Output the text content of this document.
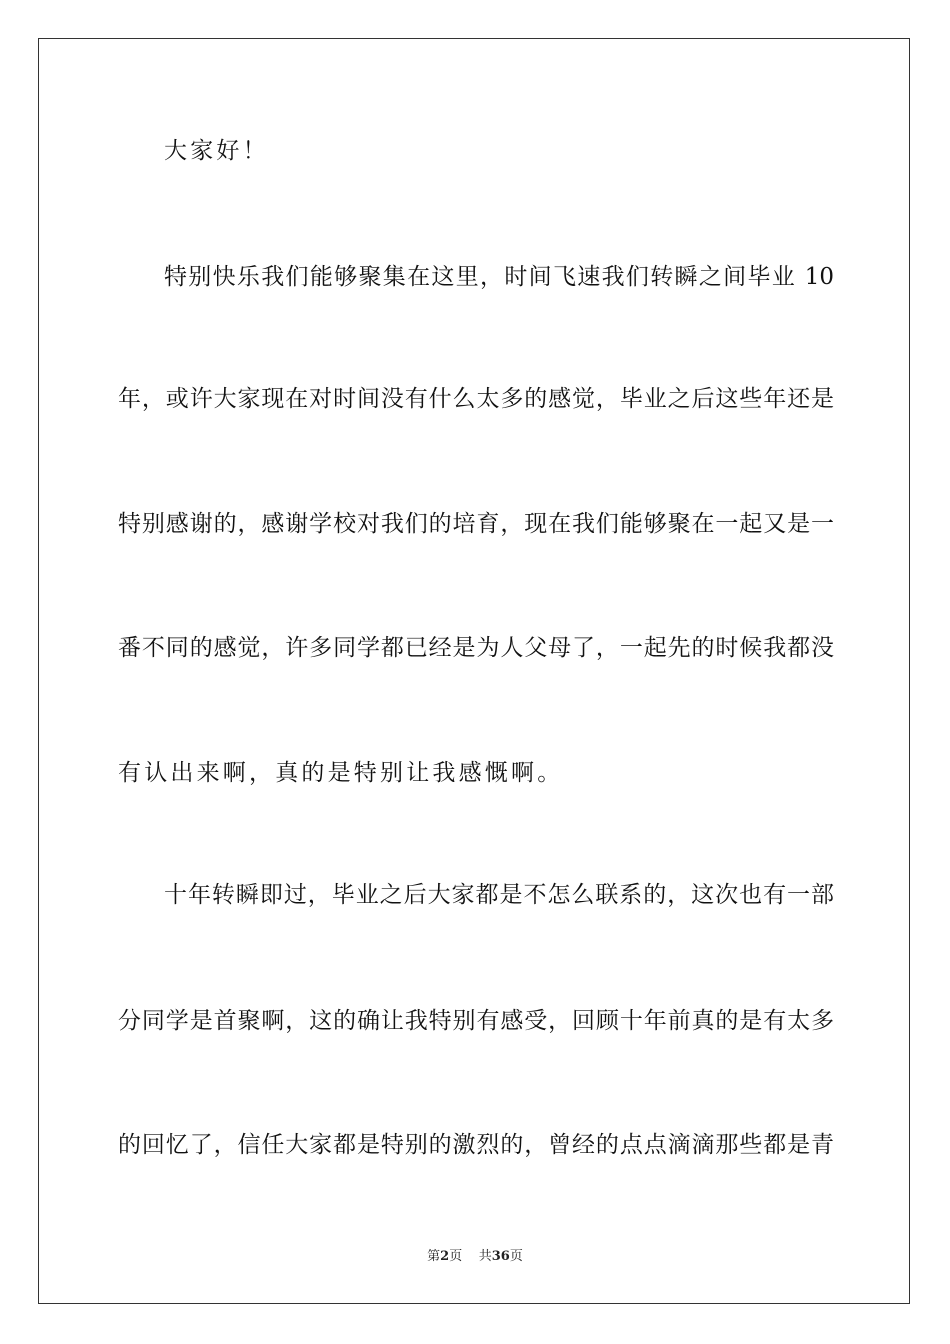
大家好！
特别快乐我们能够聚集在这里，时间飞速我们转瞬之间毕业 10
年，或许大家现在对时间没有什么太多的感觉，毕业之后这些年还是
特别感谢的，感谢学校对我们的培育，现在我们能够聚在一起又是一
番不同的感觉，许多同学都已经是为人父母了，一起先的时候我都没
有认出来啊，真的是特别让我感慨啊。
十年转瞬即过，毕业之后大家都是不怎么联系的，这次也有一部
分同学是首聚啊，这的确让我特别有感受，回顾十年前真的是有太多
的回忆了，信任大家都是特别的激烈的，曾经的点点滴滴那些都是青
第2页 共36页
